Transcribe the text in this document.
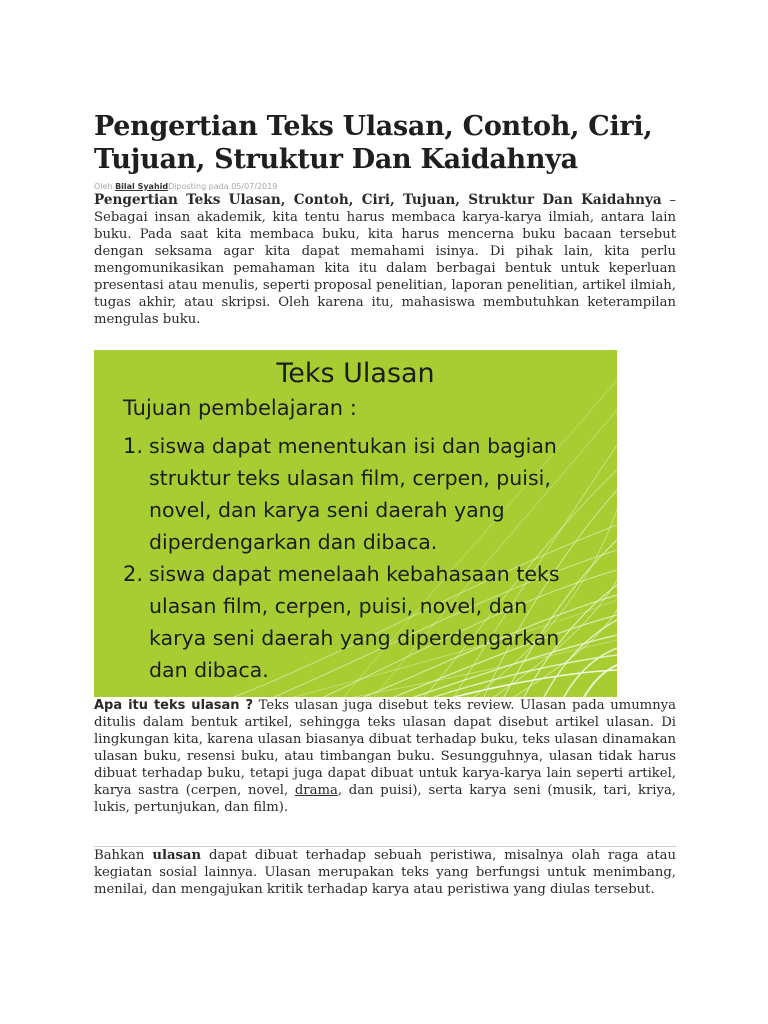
Pengertian Teks Ulasan, Contoh, Ciri, Tujuan, Struktur Dan Kaidahnya
Oleh Bilal SyahidDiposting pada 05/07/2019

Pengertian Teks Ulasan, Contoh, Ciri, Tujuan, Struktur Dan Kaidahnya – Sebagai insan akademik, kita tentu harus membaca karya-karya ilmiah, antara lain buku. Pada saat kita membaca buku, kita harus mencerna buku bacaan tersebut dengan seksama agar kita dapat memahami isinya. Di pihak lain, kita perlu mengomunikasikan pemahaman kita itu dalam berbagai bentuk untuk keperluan presentasi atau menulis, seperti proposal penelitian, laporan penelitian, artikel ilmiah, tugas akhir, atau skripsi. Oleh karena itu, mahasiswa membutuhkan keterampilan mengulas buku.

Teks Ulasan
Tujuan pembelajaran :
1. siswa dapat menentukan isi dan bagian
struktur teks ulasan film, cerpen, puisi,
novel, dan karya seni daerah yang
diperdengarkan dan dibaca.
2. siswa dapat menelaah kebahasaan teks
ulasan film, cerpen, puisi, novel, dan
karya seni daerah yang diperdengarkan
dan dibaca.

Apa itu teks ulasan ? Teks ulasan juga disebut teks review. Ulasan pada umumnya ditulis dalam bentuk artikel, sehingga teks ulasan dapat disebut artikel ulasan. Di lingkungan kita, karena ulasan biasanya dibuat terhadap buku, teks ulasan dinamakan ulasan buku, resensi buku, atau timbangan buku. Sesungguhnya, ulasan tidak harus dibuat terhadap buku, tetapi juga dapat dibuat untuk karya-karya lain seperti artikel, karya sastra (cerpen, novel, drama, dan puisi), serta karya seni (musik, tari, kriya, lukis, pertunjukan, dan film).

Bahkan ulasan dapat dibuat terhadap sebuah peristiwa, misalnya olah raga atau kegiatan sosial lainnya. Ulasan merupakan teks yang berfungsi untuk menimbang, menilai, dan mengajukan kritik terhadap karya atau peristiwa yang diulas tersebut.
